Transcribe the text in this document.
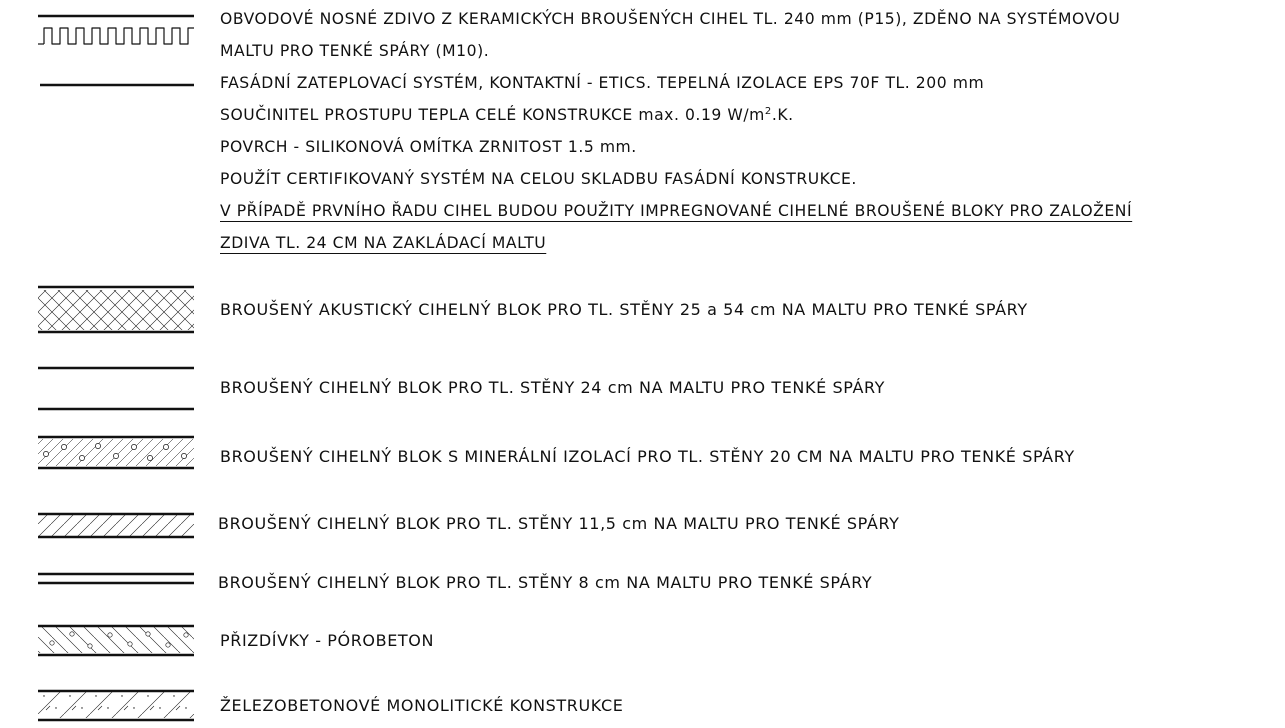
OBVODOVÉ NOSNÉ ZDIVO Z KERAMICKÝCH BROUŠENÝCH CIHEL TL. 240 mm (P15), ZDĚNO NA SYSTÉMOVOU
MALTU PRO TENKÉ SPÁRY (M10).
FASÁDNÍ ZATEPLOVACÍ SYSTÉM, KONTAKTNÍ - ETICS. TEPELNÁ IZOLACE EPS 70F TL. 200 mm
SOUČINITEL PROSTUPU TEPLA CELÉ KONSTRUKCE max. 0.19 $W/m^2.K$.
POVRCH - SILIKONOVÁ OMÍTKA ZRNITOST 1.5 mm.
POUŽÍT CERTIFIKOVANÝ SYSTÉM NA CELOU SKLADBU FASÁDNÍ KONSTRUKCE.
V PŘÍPADĚ PRVNÍHO ŘADU CIHEL BUDOU POUŽITY IMPREGNOVANÉ CIHELNÉ BROUŠENÉ BLOKY PRO ZALOŽENÍ
ZDIVA TL. 24 CM NA ZAKLÁDACÍ MALTU
BROUŠENÝ AKUSTICKÝ CIHELNÝ BLOK PRO TL. STĚNY 25 a 54 cm NA MALTU PRO TENKÉ SPÁRY
BROUŠENÝ CIHELNÝ BLOK PRO TL. STĚNY 24 cm NA MALTU PRO TENKÉ SPÁRY
BROUŠENÝ CIHELNÝ BLOK S MINERÁLNÍ IZOLACÍ PRO TL. STĚNY 20 CM NA MALTU PRO TENKÉ SPÁRY
BROUŠENÝ CIHELNÝ BLOK PRO TL. STĚNY 11,5 cm NA MALTU PRO TENKÉ SPÁRY
BROUŠENÝ CIHELNÝ BLOK PRO TL. STĚNY 8 cm NA MALTU PRO TENKÉ SPÁRY
PŘIZDÍVKY - PÓROBETON
ŽELEZOBETONOVÉ MONOLITICKÉ KONSTRUKCE
